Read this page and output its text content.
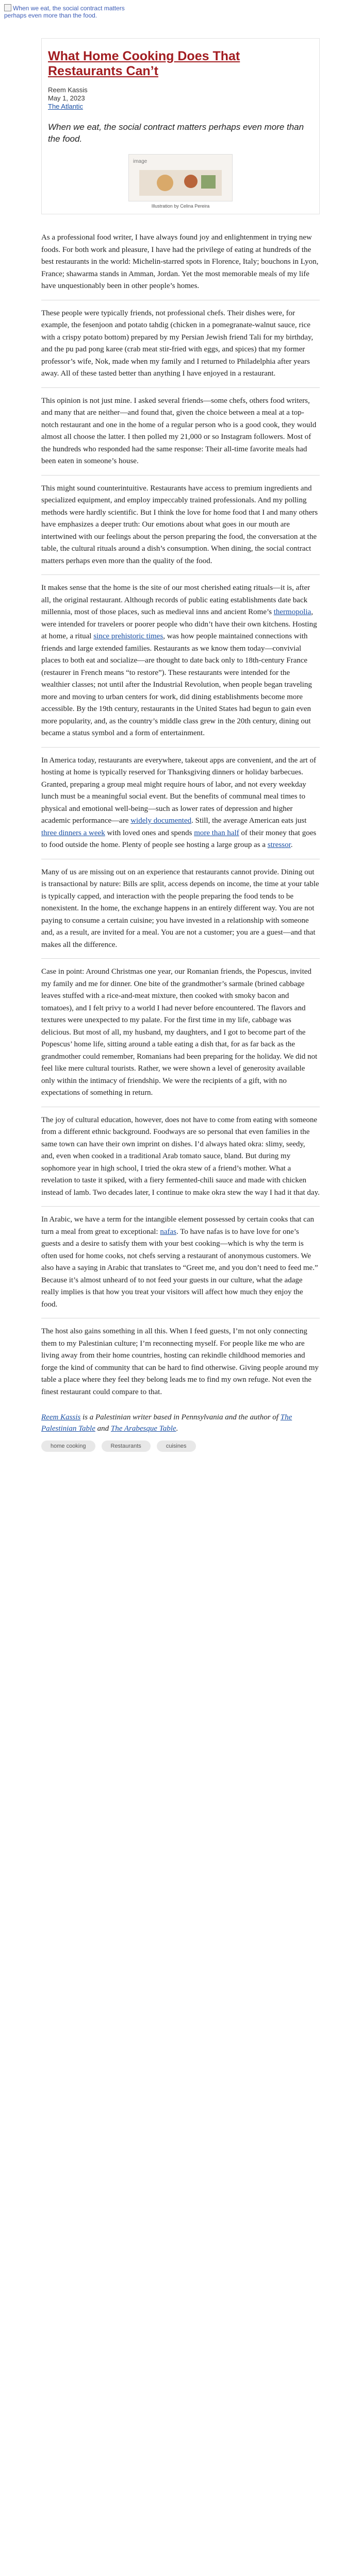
When we eat, the social contract matters perhaps even more than the food.
What Home Cooking Does That Restaurants Can’t
Reem Kassis
May 1, 2023
The Atlantic
When we eat, the social contract matters perhaps even more than the food.
image
Illustration by Celina Pereira

As a professional food writer, I have always found joy and enlightenment in trying new foods. For both work and pleasure, I have had the privilege of eating at hundreds of the best restaurants in the world: Michelin-starred spots in Florence, Italy; bouchons in Lyon, France; shawarma stands in Amman, Jordan. Yet the most memorable meals of my life have unquestionably been in other people’s homes.

These people were typically friends, not professional chefs. Their dishes were, for example, the fesenjoon and potato tahdig (chicken in a pomegranate-walnut sauce, rice with a crispy potato bottom) prepared by my Persian Jewish friend Tali for my birthday, and the pu pad pong karee (crab meat stir-fried with eggs, and spices) that my former professor’s wife, Nok, made when my family and I returned to Philadelphia after years away. All of these tasted better than anything I have enjoyed in a restaurant.

This opinion is not just mine. I asked several friends—some chefs, others food writers, and many that are neither—and found that, given the choice between a meal at a top-notch restaurant and one in the home of a regular person who is a good cook, they would almost all choose the latter. I then polled my 21,000 or so Instagram followers. Most of the hundreds who responded had the same response: Their all-time favorite meals had been eaten in someone’s house.

This might sound counterintuitive. Restaurants have access to premium ingredients and specialized equipment, and employ impeccably trained professionals. And my polling methods were hardly scientific. But I think the love for home food that I and many others have emphasizes a deeper truth: Our emotions about what goes in our mouth are intertwined with our feelings about the person preparing the food, the conversation at the table, the cultural rituals around a dish’s consumption. When dining, the social contract matters perhaps even more than the quality of the food.

It makes sense that the home is the site of our most cherished eating rituals—it is, after all, the original restaurant. Although records of public eating establishments date back millennia, most of those places, such as medieval inns and ancient Rome’s thermopolia, were intended for travelers or poorer people who didn’t have their own kitchens. Hosting at home, a ritual since prehistoric times, was how people maintained connections with friends and large extended families. Restaurants as we know them today—convivial places to both eat and socialize—are thought to date back only to 18th-century France (restaurer in French means “to restore”). These restaurants were intended for the wealthier classes; not until after the Industrial Revolution, when people began traveling more and moving to urban centers for work, did dining establishments become more accessible. By the 19th century, restaurants in the United States had begun to gain even more popularity, and, as the country’s middle class grew in the 20th century, dining out became a status symbol and a form of entertainment.

In America today, restaurants are everywhere, takeout apps are convenient, and the art of hosting at home is typically reserved for Thanksgiving dinners or holiday barbecues. Granted, preparing a group meal might require hours of labor, and not every weekday lunch must be a meaningful social event. But the benefits of communal meal times to physical and emotional well-being—such as lower rates of depression and higher academic performance—are widely documented. Still, the average American eats just three dinners a week with loved ones and spends more than half of their money that goes to food outside the home. Plenty of people see hosting a large group as a stressor.

Many of us are missing out on an experience that restaurants cannot provide. Dining out is transactional by nature: Bills are split, access depends on income, the time at your table is typically capped, and interaction with the people preparing the food tends to be nonexistent. In the home, the exchange happens in an entirely different way. You are not paying to consume a certain cuisine; you have invested in a relationship with someone and, as a result, are invited for a meal. You are not a customer; you are a guest—and that makes all the difference.

Case in point: Around Christmas one year, our Romanian friends, the Popescus, invited my family and me for dinner. One bite of the grandmother’s sarmale (brined cabbage leaves stuffed with a rice-and-meat mixture, then cooked with smoky bacon and tomatoes), and I felt privy to a world I had never before encountered. The flavors and textures were unexpected to my palate. For the first time in my life, cabbage was delicious. But most of all, my husband, my daughters, and I got to become part of the Popescus’ home life, sitting around a table eating a dish that, for as far back as the grandmother could remember, Romanians had been preparing for the holiday. We did not feel like mere cultural tourists. Rather, we were shown a level of generosity available only within the intimacy of friendship. We were the recipients of a gift, with no expectations of something in return.

The joy of cultural education, however, does not have to come from eating with someone from a different ethnic background. Foodways are so personal that even families in the same town can have their own imprint on dishes. I’d always hated okra: slimy, seedy, and, even when cooked in a traditional Arab tomato sauce, bland. But during my sophomore year in high school, I tried the okra stew of a friend’s mother. What a revelation to taste it spiked, with a fiery fermented-chili sauce and made with chicken instead of lamb. Two decades later, I continue to make okra stew the way I had it that day.

In Arabic, we have a term for the intangible element possessed by certain cooks that can turn a meal from great to exceptional: nafas. To have nafas is to have love for one’s guests and a desire to satisfy them with your best cooking—which is why the term is often used for home cooks, not chefs serving a restaurant of anonymous customers. We also have a saying in Arabic that translates to “Greet me, and you don’t need to feed me.” Because it’s almost unheard of to not feed your guests in our culture, what the adage really implies is that how you treat your visitors will affect how much they enjoy the food.

The host also gains something in all this. When I feed guests, I’m not only connecting them to my Palestinian culture; I’m reconnecting myself. For people like me who are living away from their home countries, hosting can rekindle childhood memories and forge the kind of community that can be hard to find otherwise. Giving people around my table a place where they feel they belong leads me to find my own refuge. Not even the finest restaurant could compare to that.

Reem Kassis is a Palestinian writer based in Pennsylvania and the author of The Palestinian Table and The Arabesque Table.
home cooking	Restaurants	cuisines
